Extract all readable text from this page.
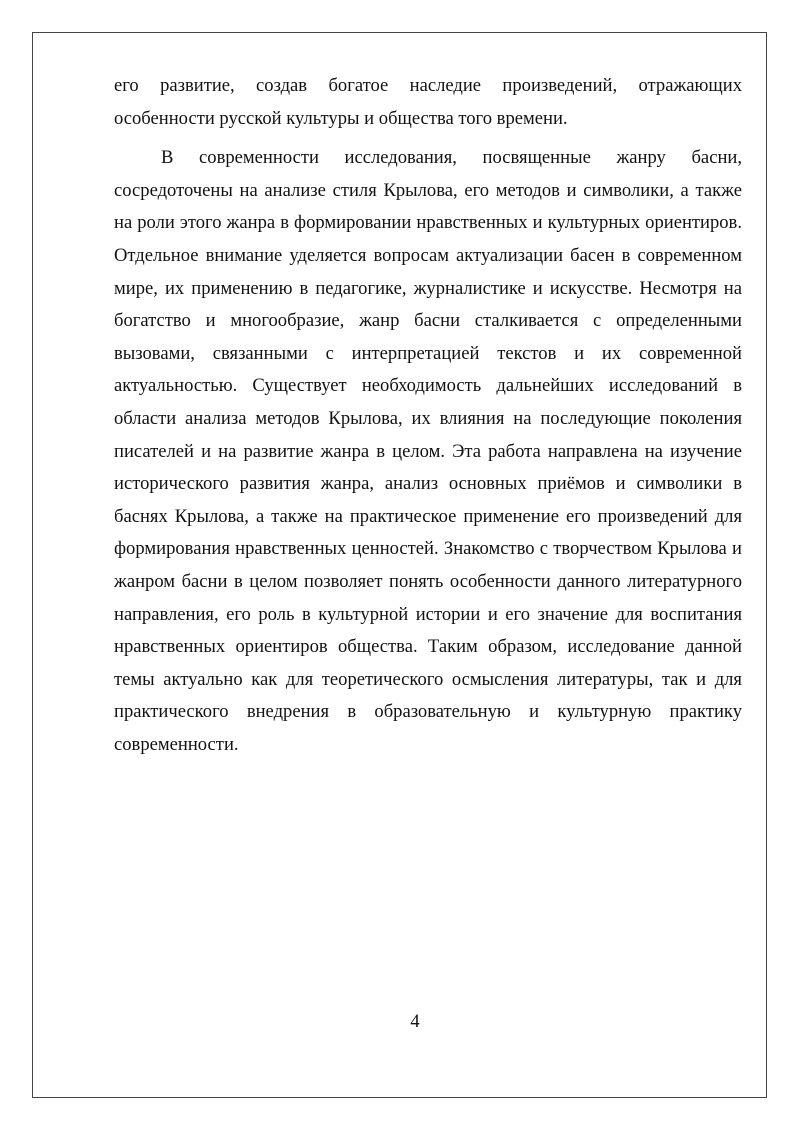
его развитие, создав богатое наследие произведений, отражающих особенности русской культуры и общества того времени.

В современности исследования, посвященные жанру басни, сосредоточены на анализе стиля Крылова, его методов и символики, а также на роли этого жанра в формировании нравственных и культурных ориентиров. Отдельное внимание уделяется вопросам актуализации басен в современном мире, их применению в педагогике, журналистике и искусстве. Несмотря на богатство и многообразие, жанр басни сталкивается с определенными вызовами, связанными с интерпретацией текстов и их современной актуальностью. Существует необходимость дальнейших исследований в области анализа методов Крылова, их влияния на последующие поколения писателей и на развитие жанра в целом. Эта работа направлена на изучение исторического развития жанра, анализ основных приёмов и символики в баснях Крылова, а также на практическое применение его произведений для формирования нравственных ценностей. Знакомство с творчеством Крылова и жанром басни в целом позволяет понять особенности данного литературного направления, его роль в культурной истории и его значение для воспитания нравственных ориентиров общества. Таким образом, исследование данной темы актуально как для теоретического осмысления литературы, так и для практического внедрения в образовательную и культурную практику современности.

4
